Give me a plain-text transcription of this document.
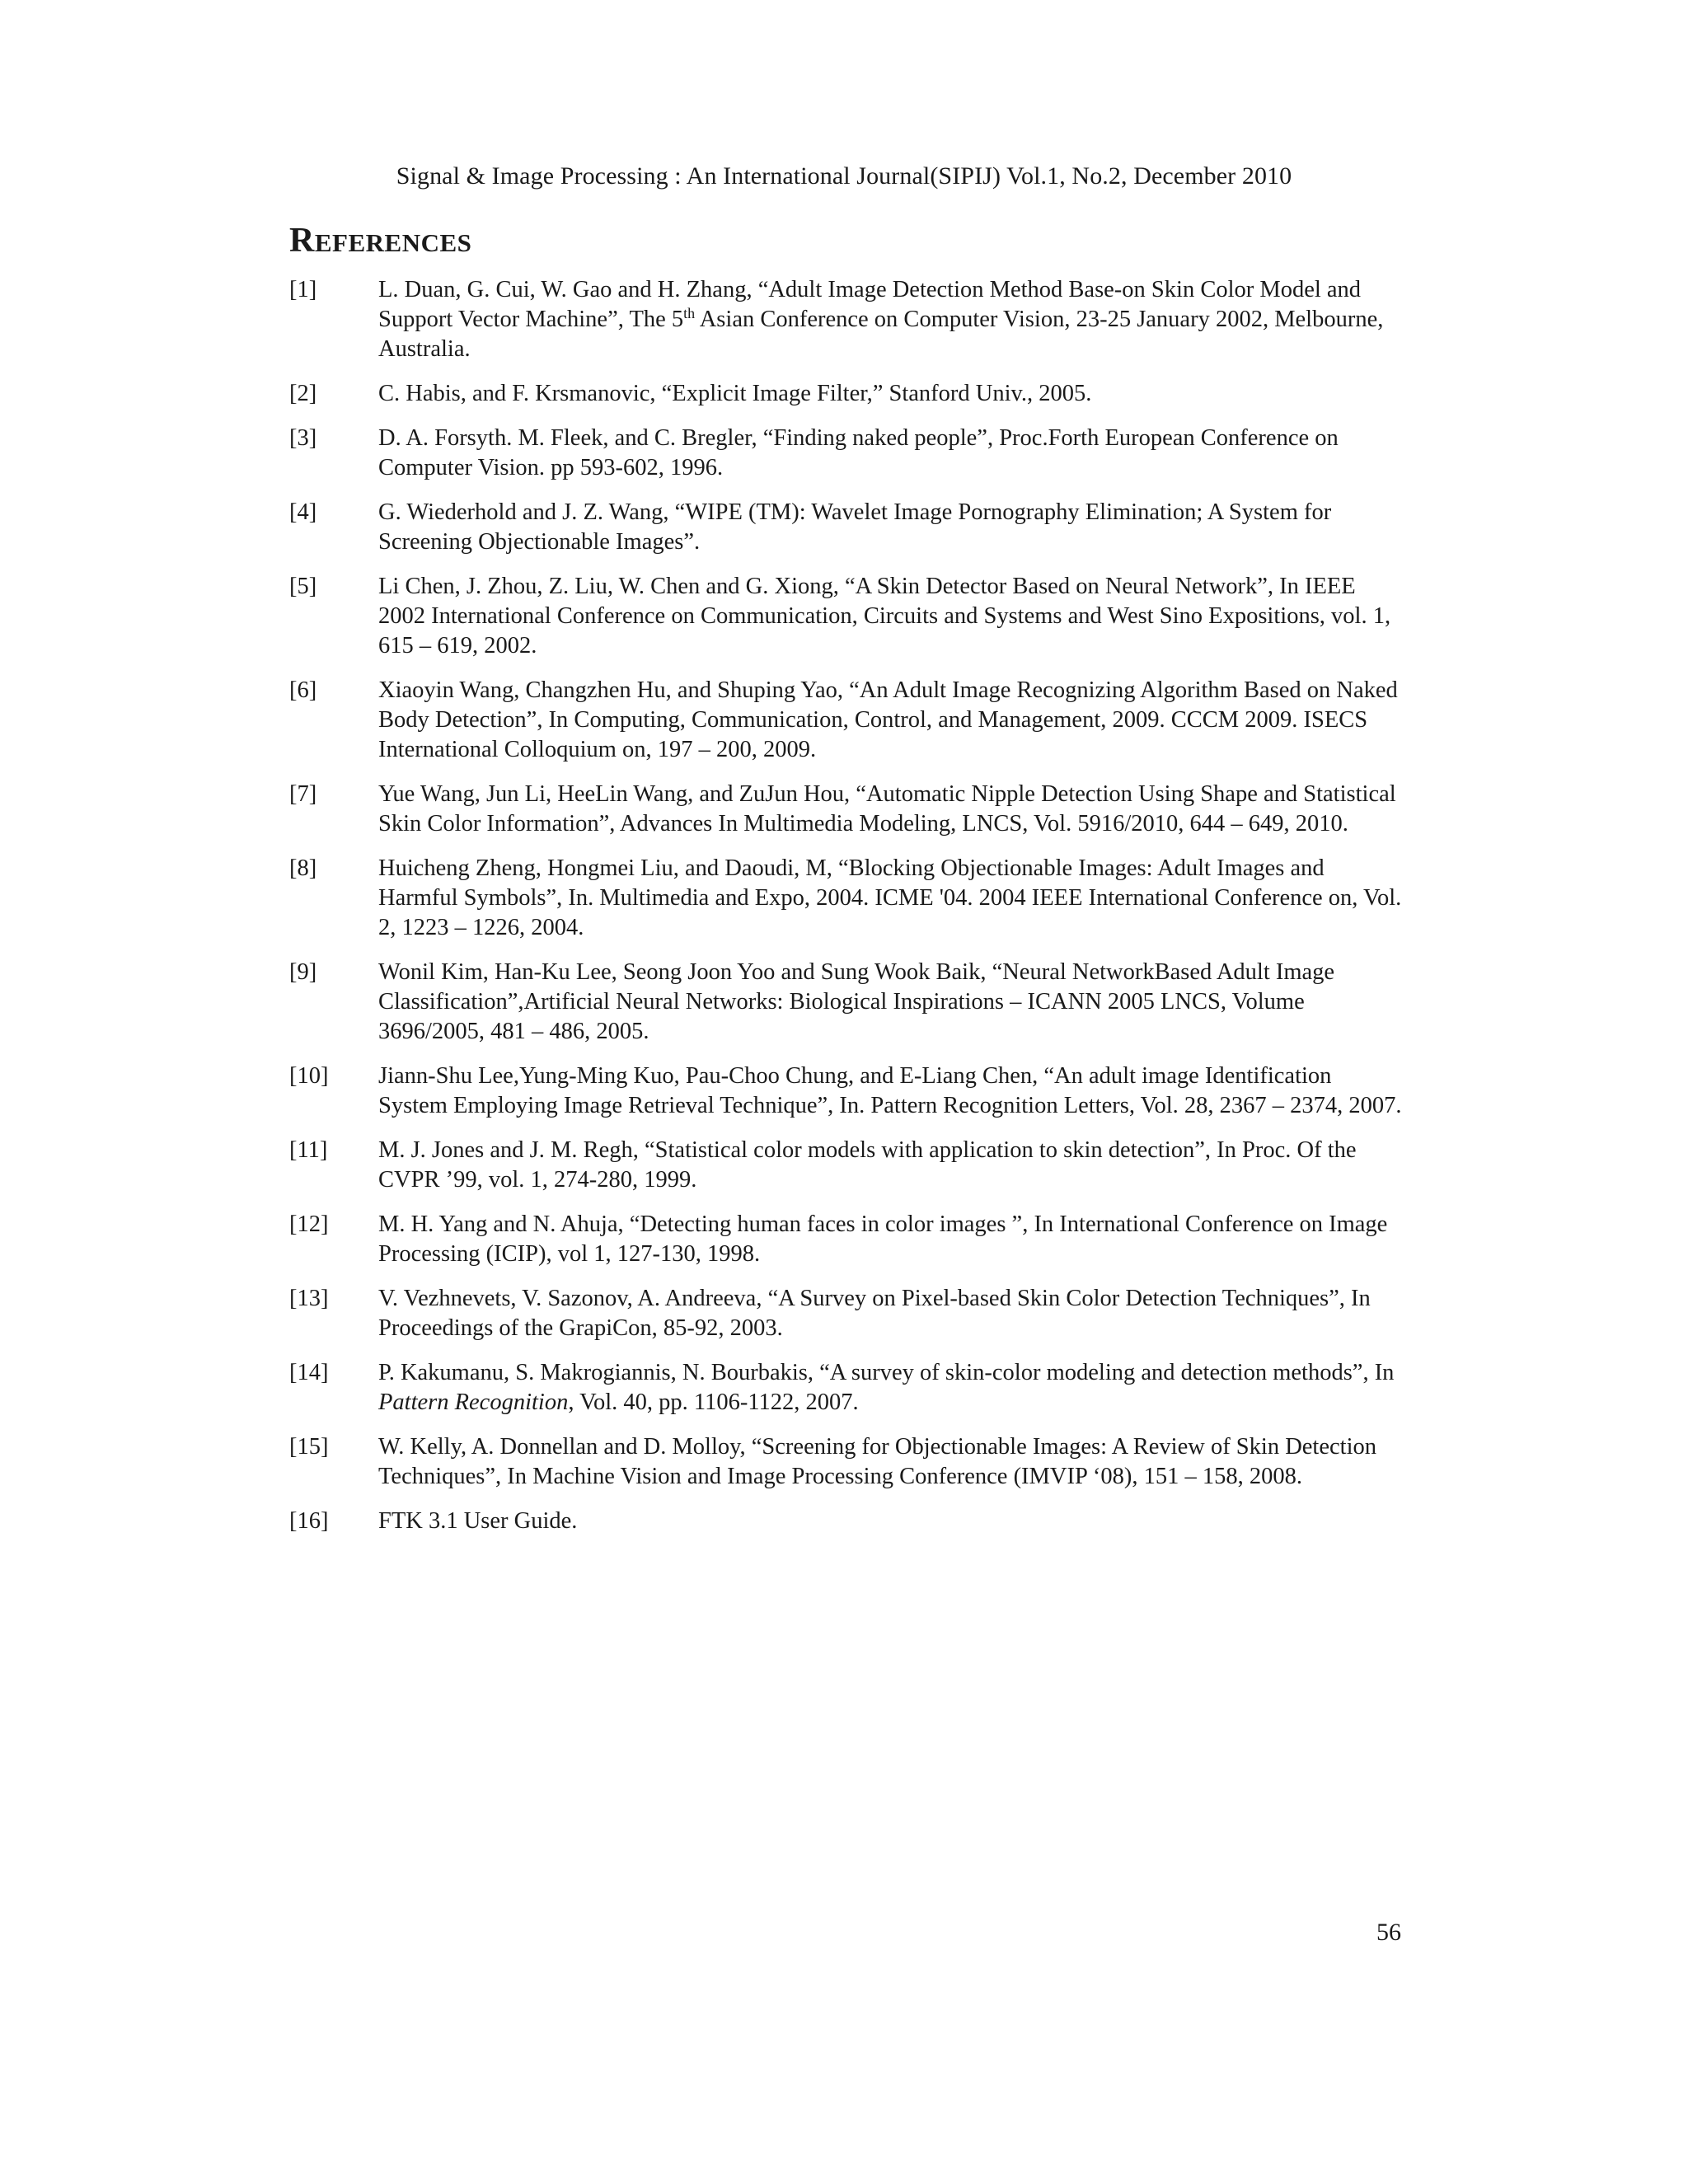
Signal & Image Processing : An International Journal(SIPIJ) Vol.1, No.2, December 2010
REFERENCES
[1]	L. Duan, G. Cui, W. Gao and H. Zhang, “Adult Image Detection Method Base-on Skin Color Model and Support Vector Machine”, The 5th Asian Conference on Computer Vision, 23-25 January 2002, Melbourne, Australia.
[2]	C. Habis, and F. Krsmanovic, “Explicit Image Filter,” Stanford Univ., 2005.
[3]	D. A. Forsyth. M. Fleek, and C. Bregler, “Finding naked people”, Proc.Forth European Conference on Computer Vision. pp 593-602, 1996.
[4]	G. Wiederhold and J. Z. Wang, “WIPE (TM): Wavelet Image Pornography Elimination; A System for Screening Objectionable Images”.
[5]	Li Chen, J. Zhou, Z. Liu, W. Chen and G. Xiong, “A Skin Detector Based on Neural Network”, In IEEE 2002 International Conference on Communication, Circuits and Systems and West Sino Expositions, vol. 1, 615 – 619, 2002.
[6]	Xiaoyin Wang, Changzhen Hu, and Shuping Yao, “An Adult Image Recognizing Algorithm Based on Naked Body Detection”, In Computing, Communication, Control, and Management, 2009. CCCM 2009. ISECS International Colloquium on, 197 – 200, 2009.
[7]	Yue Wang, Jun Li, HeeLin Wang, and ZuJun Hou, “Automatic Nipple Detection Using Shape and Statistical Skin Color Information”, Advances In Multimedia Modeling, LNCS, Vol. 5916/2010, 644 – 649, 2010.
[8]	Huicheng Zheng, Hongmei Liu, and Daoudi, M, “Blocking Objectionable Images: Adult Images and Harmful Symbols”, In. Multimedia and Expo, 2004. ICME '04. 2004 IEEE International Conference on, Vol. 2, 1223 – 1226, 2004.
[9]	Wonil Kim, Han-Ku Lee, Seong Joon Yoo and Sung Wook Baik, “Neural NetworkBased Adult Image Classification”,Artificial Neural Networks: Biological Inspirations – ICANN 2005 LNCS, Volume 3696/2005, 481 – 486, 2005.
[10]	Jiann-Shu Lee,Yung-Ming Kuo, Pau-Choo Chung, and E-Liang Chen, “An adult image Identification System Employing Image Retrieval Technique”, In. Pattern Recognition Letters, Vol. 28, 2367 – 2374, 2007.
[11]	M. J. Jones and J. M. Regh, “Statistical color models with application to skin detection”, In Proc. Of the CVPR ’99, vol. 1, 274-280, 1999.
[12]	M. H. Yang and N. Ahuja, “Detecting human faces in color images ”, In International Conference on Image Processing (ICIP), vol 1, 127-130, 1998.
[13]	V. Vezhnevets, V. Sazonov, A. Andreeva, “A Survey on Pixel-based Skin Color Detection Techniques”, In Proceedings of the GrapiCon, 85-92, 2003.
[14]	P. Kakumanu, S. Makrogiannis, N. Bourbakis, “A survey of skin-color modeling and detection methods”, In Pattern Recognition, Vol. 40, pp. 1106-1122, 2007.
[15]	W. Kelly, A. Donnellan and D. Molloy, “Screening for Objectionable Images: A Review of Skin Detection Techniques”, In Machine Vision and Image Processing Conference (IMVIP ‘08), 151 – 158, 2008.
[16]	FTK 3.1 User Guide.
56
